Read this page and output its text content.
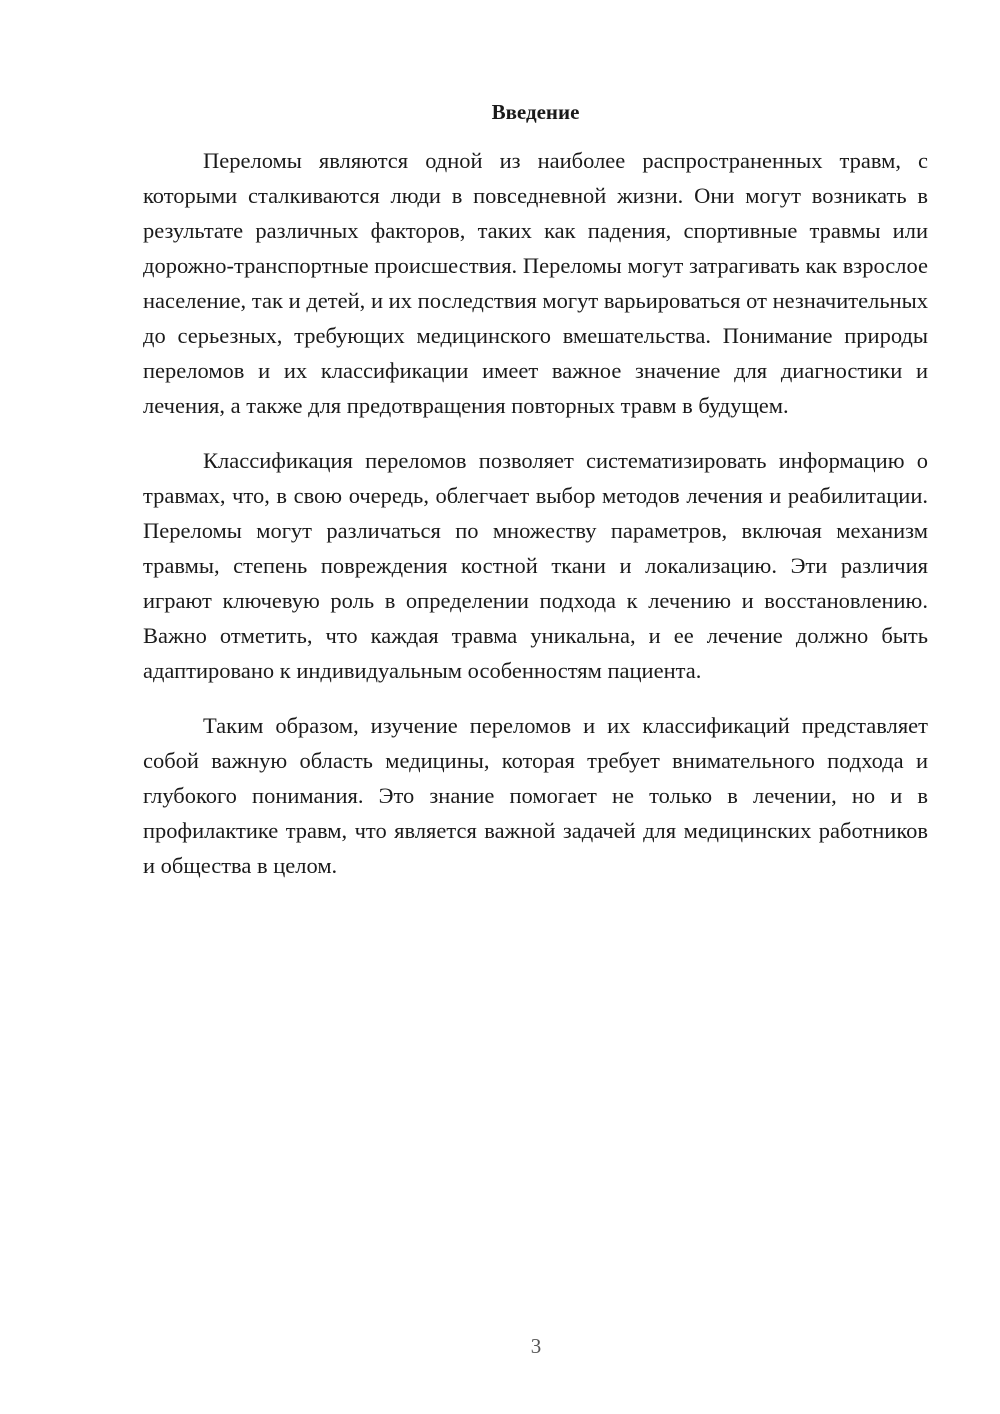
Введение

Переломы являются одной из наиболее распространенных травм, с которыми сталкиваются люди в повседневной жизни. Они могут возникать в результате различных факторов, таких как падения, спортивные травмы или дорожно-транспортные происшествия. Переломы могут затрагивать как взрослое население, так и детей, и их последствия могут варьироваться от незначительных до серьезных, требующих медицинского вмешательства. Понимание природы переломов и их классификации имеет важное значение для диагностики и лечения, а также для предотвращения повторных травм в будущем.

Классификация переломов позволяет систематизировать информацию о травмах, что, в свою очередь, облегчает выбор методов лечения и реабилитации. Переломы могут различаться по множеству параметров, включая механизм травмы, степень повреждения костной ткани и локализацию. Эти различия играют ключевую роль в определении подхода к лечению и восстановлению. Важно отметить, что каждая травма уникальна, и ее лечение должно быть адаптировано к индивидуальным особенностям пациента.

Таким образом, изучение переломов и их классификаций представляет собой важную область медицины, которая требует внимательного подхода и глубокого понимания. Это знание помогает не только в лечении, но и в профилактике травм, что является важной задачей для медицинских работников и общества в целом.

3
